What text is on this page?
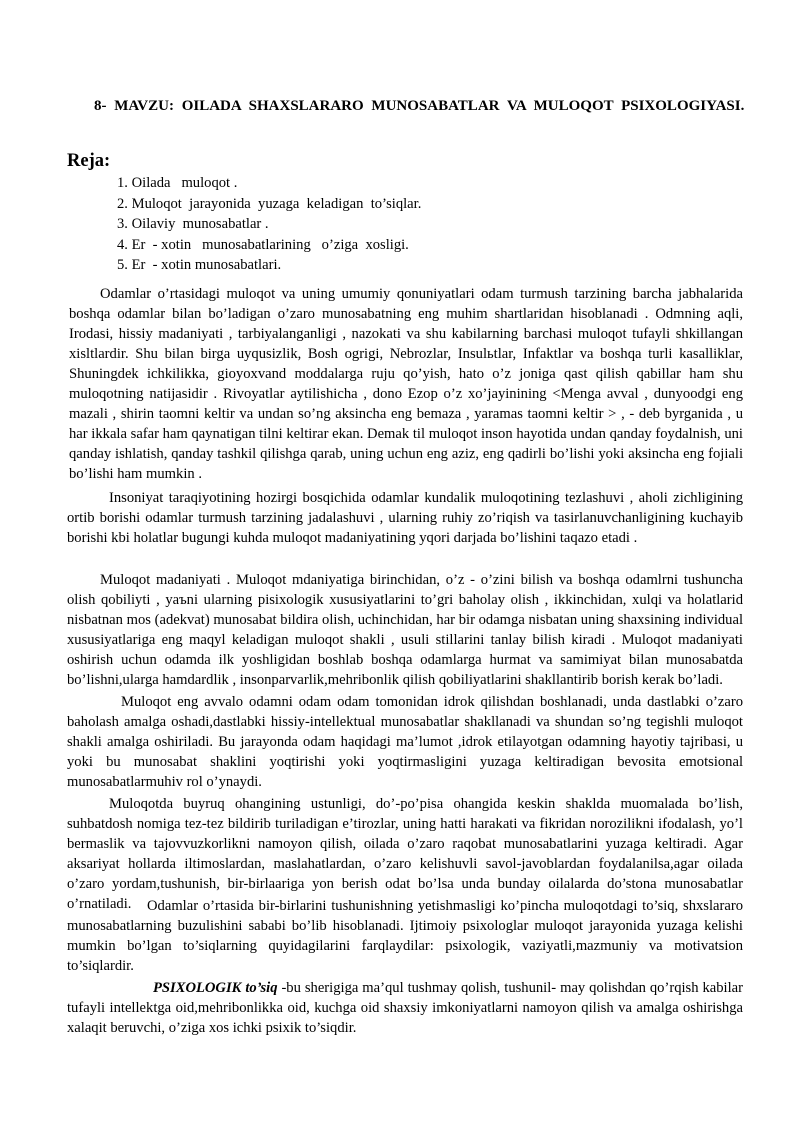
8- MAVZU: OILADA SHAXSLARARO MUNOSABATLAR VA MULOQOT PSIXOLOGIYASI.
Reja:
1. Oilada   muloqot .
2. Muloqot  jarayonida  yuzaga  keladigan  to’siqlar.
3. Oilaviy  munosabatlar .
4. Er  - xotin   munosabatlarining   o’ziga  xosligi.
5. Er  - xotin munosabatlari.

Odamlar o’rtasidagi muloqot va uning umumiy qonuniyatlari odam turmush tarzining barcha jabhalarida boshqa odamlar bilan bo’ladigan o’zaro munosabatning eng muhim shartlaridan hisoblanadi . Odmning aqli, Irodasi, hissiy madaniyati , tarbiyalanganligi , nazokati va shu kabilarning barchasi muloqot tufayli shkillangan xisltlardir. Shu bilan birga uyqusizlik, Bosh ogrigi, Nebrozlar, Insulьtlar, Infaktlar va boshqa turli kasalliklar, Shuningdek ichkilikka, gioyoxvand moddalarga ruju qo’yish, hato o’z joniga qast qilish qabillar ham shu muloqotning natijasidir . Rivoyatlar aytilishicha , dono Ezop o’z xo’jayinining <Menga avval , dunyoodgi eng mazali , shirin taomni keltir va undan so’ng aksincha eng bemaza , yaramas taomni keltir > , - deb byrganida , u har ikkala safar ham qaynatigan tilni keltirar ekan. Demak til muloqot inson hayotida undan qanday foydalnish, uni qanday ishlatish, qanday tashkil qilishga qarab, uning uchun eng aziz, eng qadirli bo’lishi yoki aksincha eng fojiali bo’lishi ham mumkin .

Insoniyat taraqiyotining hozirgi bosqichida odamlar kundalik muloqotining tezlashuvi , aholi zichligining ortib borishi odamlar turmush tarzining jadalashuvi , ularning ruhiy zo’riqish va tasirlanuvchanligining kuchayib borishi kbi holatlar bugungi kuhda muloqot madaniyatining yqori darjada bo’lishini taqazo etadi .

Muloqot madaniyati . Muloqot mdaniyatiga birinchidan, o’z - o’zini bilish va boshqa odamlrni tushuncha olish qobiliyti , yaъni ularning pisixologik xususiyatlarini to’gri baholay olish , ikkinchidan, xulqi va holatlarid nisbatnan mos (adekvat) munosabat bildira olish, uchinchidan, har bir odamga nisbatan uning shaxsining individual xususiyatlariga eng maqyl keladigan muloqot shakli , usuli stillarini tanlay bilish kiradi . Muloqot madaniyati oshirish uchun odamda ilk yoshligidan boshlab boshqa odamlarga hurmat va samimiyat bilan munosabatda bo’lishni,ularga hamdardlik , insonparvarlik,mehribonlik qilish qobiliyatlarini shakllantirib borish kerak bo’ladi.

Muloqot eng avvalo odamni odam odam tomonidan idrok qilishdan boshlanadi, unda dastlabki o’zaro baholash amalga oshadi,dastlabki hissiy-intellektual munosabatlar shakllanadi va shundan so’ng tegishli muloqot shakli amalga oshiriladi. Bu jarayonda odam haqidagi ma’lumot ,idrok etilayotgan odamning hayotiy tajribasi, u yoki bu munosabat shaklini yoqtirishi yoki yoqtirmasligini yuzaga keltiradigan bevosita emotsional munosabatlarmuhiv rol o’ynaydi.

Muloqotda buyruq ohangining ustunligi, do’-po’pisa ohangida keskin shaklda muomalada bo’lish, suhbatdosh nomiga tez-tez bildirib turiladigan e’tirozlar, uning hatti harakati va fikridan norozilikni ifodalash, yo’l bermaslik va tajovvuzkorlikni namoyon qilish, oilada o’zaro raqobat munosabatlarini yuzaga keltiradi. Agar aksariyat hollarda iltimoslardan, maslahatlardan, o’zaro kelishuvli savol-javoblardan foydalanilsa,agar oilada o’zaro yordam,tushunish, bir-birlaariga yon berish odat bo’lsa unda bunday oilalarda do’stona munosabatlar o’rnatiladi.	Odamlar o’rtasida bir-birlarini tushunishning yetishmasligi ko’pincha muloqotdagi to’siq, shxslararo munosabatlarning buzulishini sababi bo’lib hisoblanadi. Ijtimoiy psixologlar muloqot jarayonida yuzaga kelishi mumkin bo’lgan to’siqlarning quyidagilarini farqlaydilar: psixologik, vaziyatli,mazmuniy va motivatsion to’siqlardir.

PSIXOLOGIK to’siq -bu sherigiga ma’qul tushmay qolish, tushunil- may qolishdan qo’rqish kabilar tufayli intellektga oid,mehribonlikka oid, kuchga oid shaxsiy imkoniyatlarni namoyon qilish va amalga oshirishga xalaqit beruvchi, o’ziga xos ichki psixik to’siqdir.
